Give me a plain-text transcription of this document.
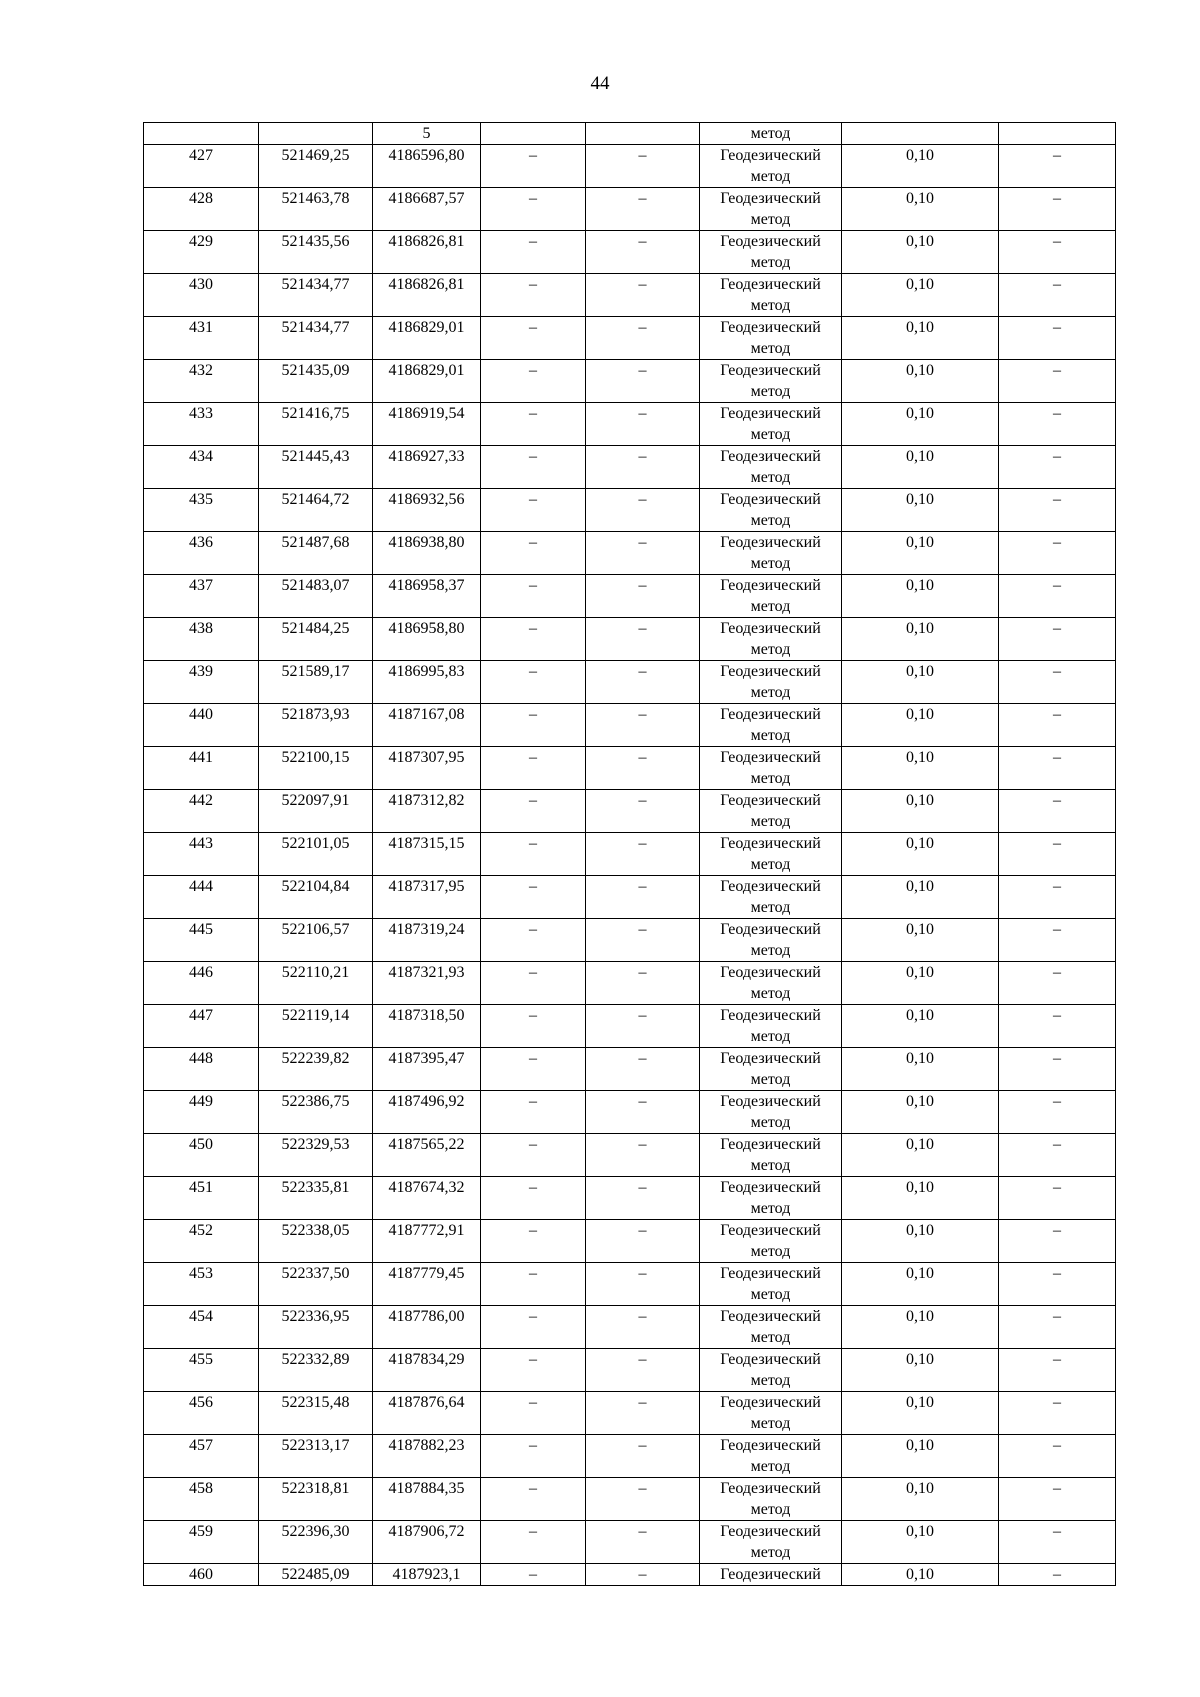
44
		5			метод		
427	521469,25	4186596,80	–	–	Геодезический метод	0,10	–
428	521463,78	4186687,57	–	–	Геодезический метод	0,10	–
429	521435,56	4186826,81	–	–	Геодезический метод	0,10	–
430	521434,77	4186826,81	–	–	Геодезический метод	0,10	–
431	521434,77	4186829,01	–	–	Геодезический метод	0,10	–
432	521435,09	4186829,01	–	–	Геодезический метод	0,10	–
433	521416,75	4186919,54	–	–	Геодезический метод	0,10	–
434	521445,43	4186927,33	–	–	Геодезический метод	0,10	–
435	521464,72	4186932,56	–	–	Геодезический метод	0,10	–
436	521487,68	4186938,80	–	–	Геодезический метод	0,10	–
437	521483,07	4186958,37	–	–	Геодезический метод	0,10	–
438	521484,25	4186958,80	–	–	Геодезический метод	0,10	–
439	521589,17	4186995,83	–	–	Геодезический метод	0,10	–
440	521873,93	4187167,08	–	–	Геодезический метод	0,10	–
441	522100,15	4187307,95	–	–	Геодезический метод	0,10	–
442	522097,91	4187312,82	–	–	Геодезический метод	0,10	–
443	522101,05	4187315,15	–	–	Геодезический метод	0,10	–
444	522104,84	4187317,95	–	–	Геодезический метод	0,10	–
445	522106,57	4187319,24	–	–	Геодезический метод	0,10	–
446	522110,21	4187321,93	–	–	Геодезический метод	0,10	–
447	522119,14	4187318,50	–	–	Геодезический метод	0,10	–
448	522239,82	4187395,47	–	–	Геодезический метод	0,10	–
449	522386,75	4187496,92	–	–	Геодезический метод	0,10	–
450	522329,53	4187565,22	–	–	Геодезический метод	0,10	–
451	522335,81	4187674,32	–	–	Геодезический метод	0,10	–
452	522338,05	4187772,91	–	–	Геодезический метод	0,10	–
453	522337,50	4187779,45	–	–	Геодезический метод	0,10	–
454	522336,95	4187786,00	–	–	Геодезический метод	0,10	–
455	522332,89	4187834,29	–	–	Геодезический метод	0,10	–
456	522315,48	4187876,64	–	–	Геодезический метод	0,10	–
457	522313,17	4187882,23	–	–	Геодезический метод	0,10	–
458	522318,81	4187884,35	–	–	Геодезический метод	0,10	–
459	522396,30	4187906,72	–	–	Геодезический метод	0,10	–
460	522485,09	4187923,1	–	–	Геодезический	0,10	–
